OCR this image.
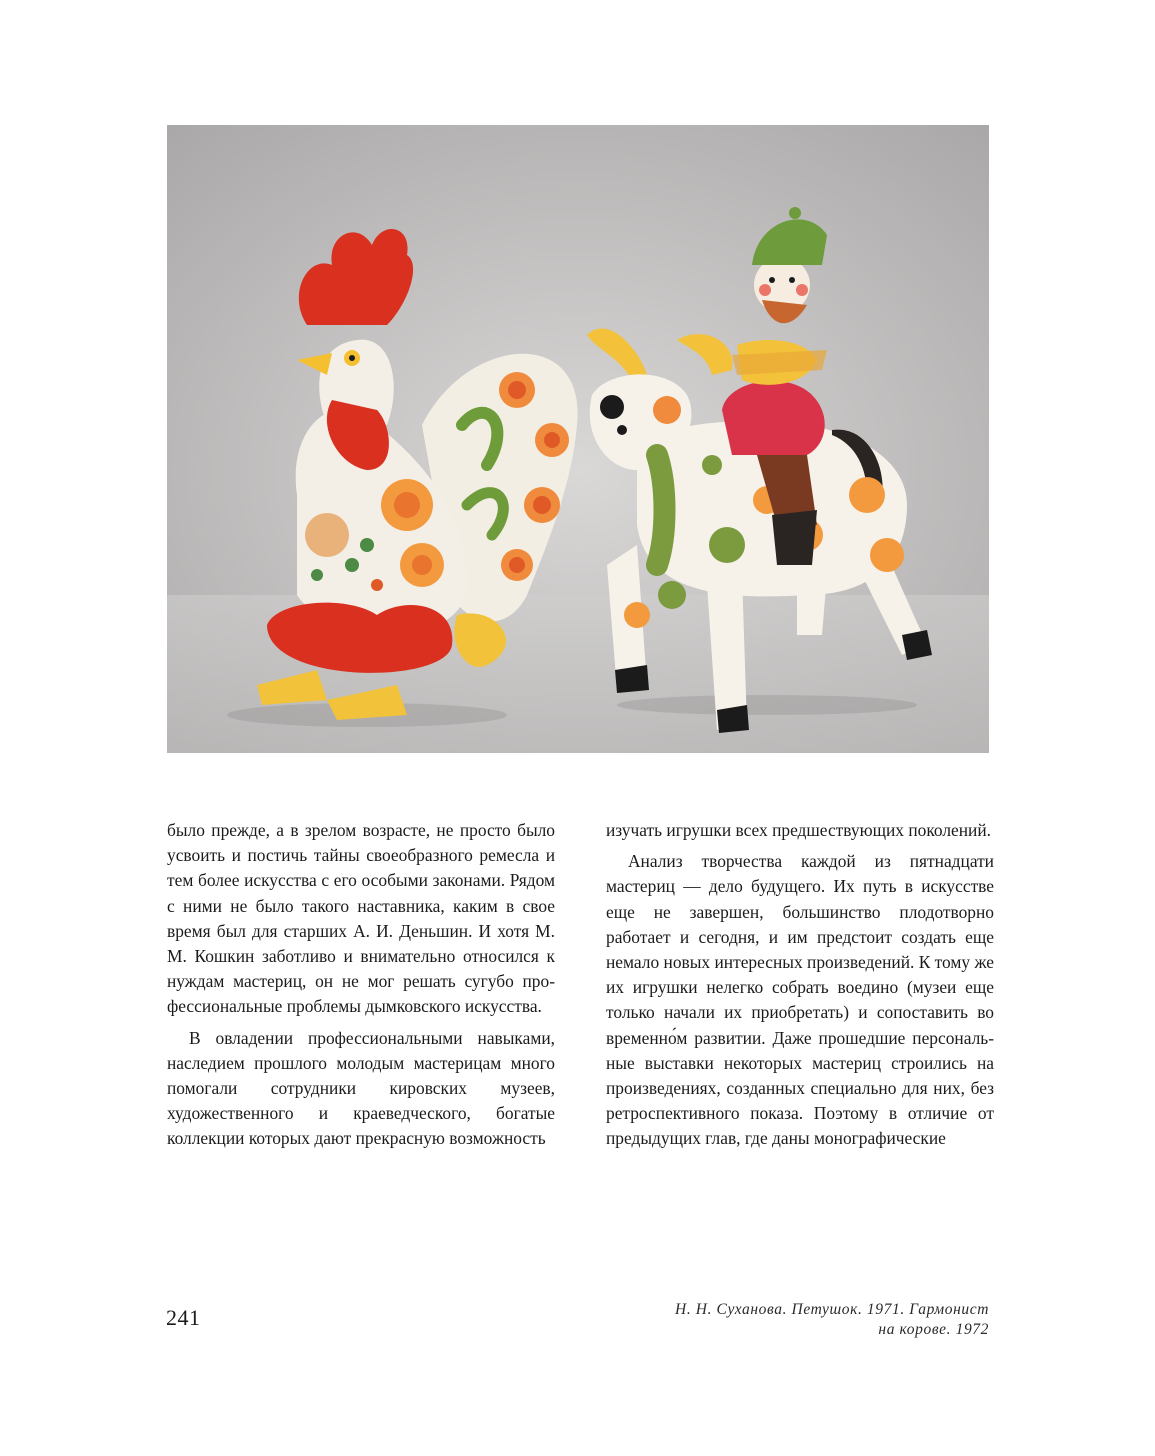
было прежде, а в зрелом возрасте, не просто было усвоить и постичь тайны своеобразного ремесла и тем более искусства с его особыми законами. Рядом с ними не было такого наставника, каким в свое время был для старших А. И. Деньшин. И хотя М. М. Кошкин заботливо и внимательно относился к нуждам мастериц, он не мог решать сугубо профессиональные проблемы дымковского искусства.

В овладении профессиональными навыками, наследием прошлого молодым мастерицам много помогали сотрудники кировских музеев, художественного и краеведческого, богатые коллекции которых дают прекрасную возможность

изучать игрушки всех предшествующих поколений.

Анализ творчества каждой из пятнадцати мастериц — дело будущего. Их путь в искусстве еще не завершен, большинство плодотворно работает и сегодня, и им предстоит создать еще немало новых интересных произведений. К тому же их игрушки нелегко собрать воедино (музеи еще только начали их приобретать) и сопоставить во временно́м развитии. Даже прошедшие персональные выставки некоторых мастериц строились на произведениях, созданных специально для них, без ретроспективного показа. Поэтому в отличие от предыдущих глав, где даны монографические

241	Н. Н. Суханова. Петушок. 1971. Гармонист
на корове. 1972
